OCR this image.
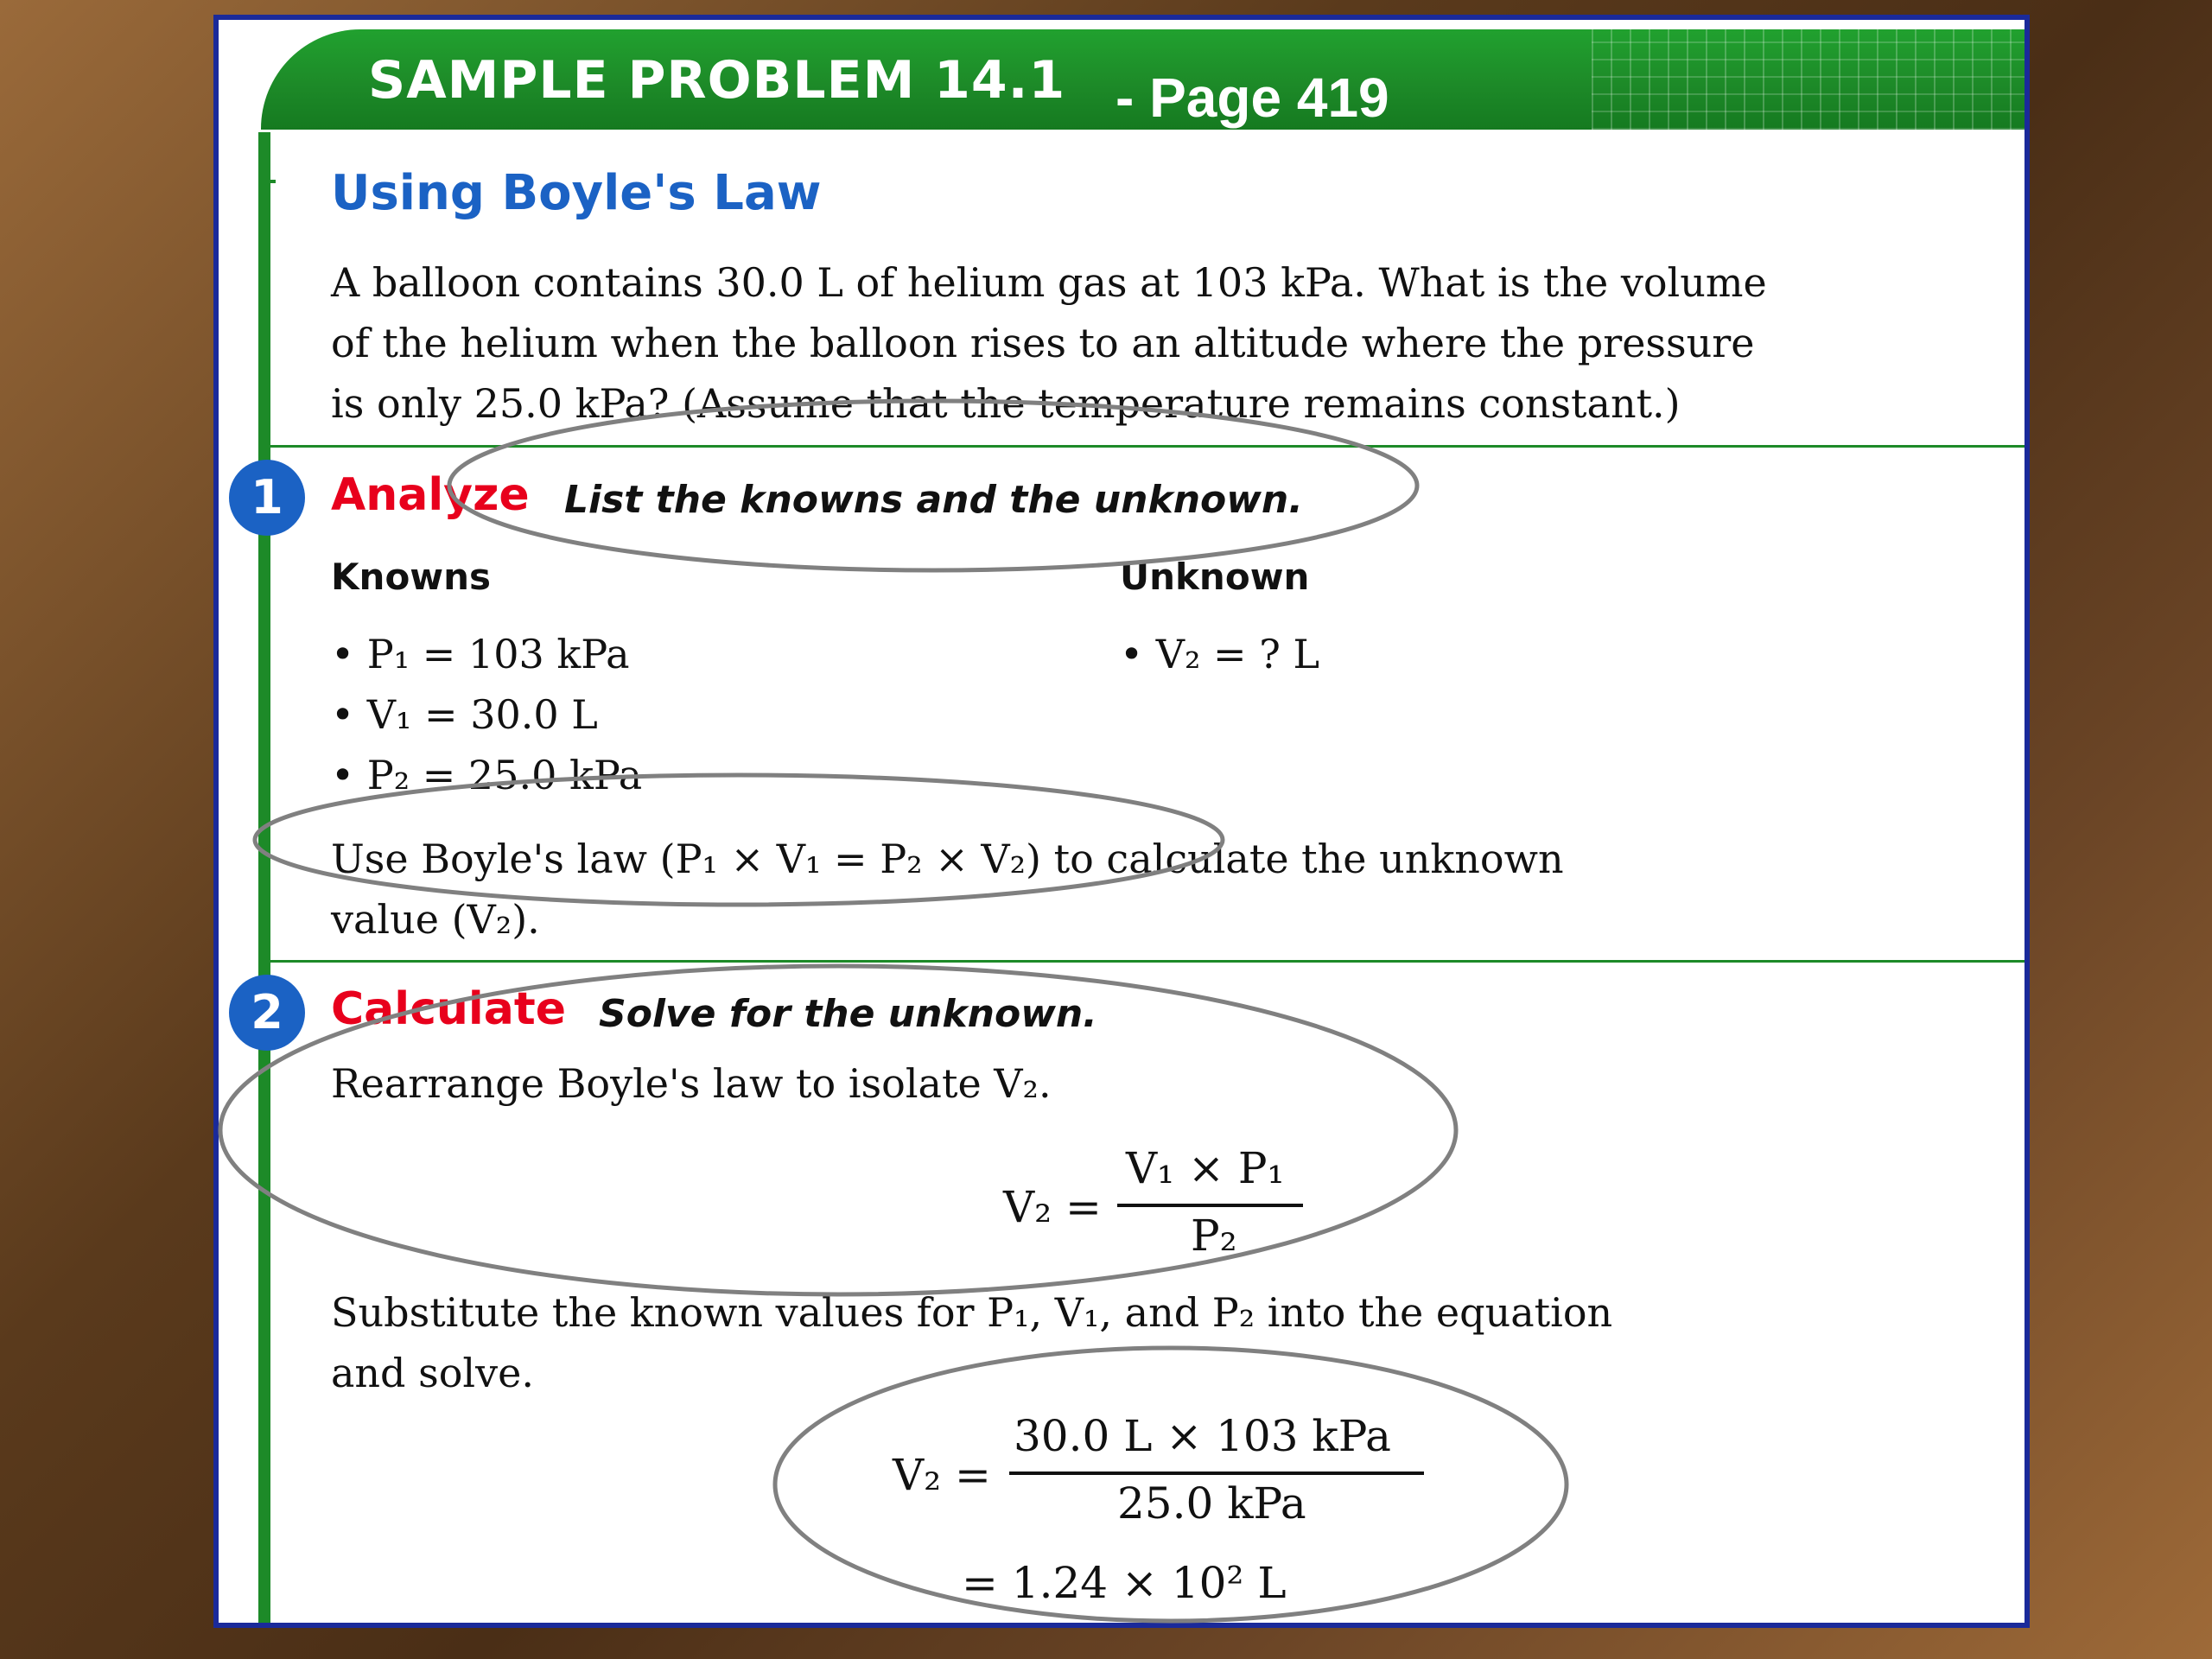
SAMPLE PROBLEM 14.1 - Page 419
Using Boyle's Law
A balloon contains 30.0 L of helium gas at 103 kPa. What is the volume
of the helium when the balloon rises to an altitude where the pressure
is only 25.0 kPa? (Assume that the temperature remains constant.)
1	Analyze List the knowns and the unknown.
Knowns	Unknown
• P₁ = 103 kPa
• V₁ = 30.0 L
• P₂ = 25.0 kPa
• V₂ = ? L
Use Boyle's law (P₁ × V₁ = P₂ × V₂) to calculate the unknown
value (V₂).
2	Calculate Solve for the unknown.
Rearrange Boyle's law to isolate V₂.
V₂ =
V₁ × P₁
P₂
Substitute the known values for P₁, V₁, and P₂ into the equation
and solve.
V₂ =
30.0 L × 103 kPa
25.0 kPa
= 1.24 × 10² L
